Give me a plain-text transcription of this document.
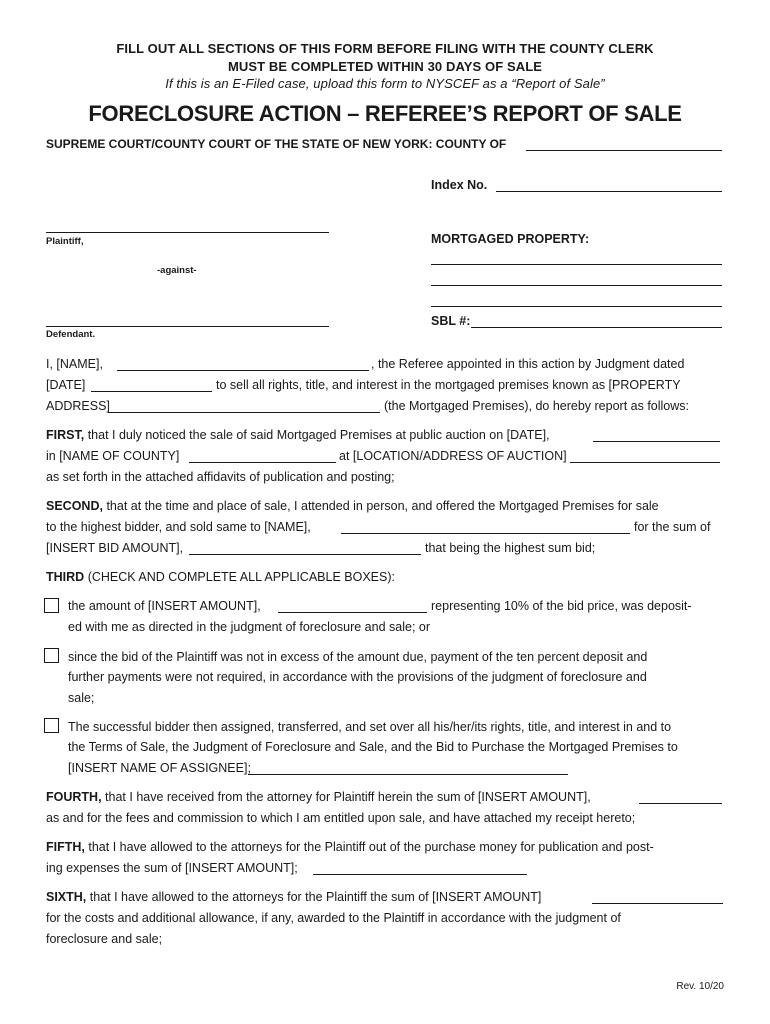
FILL OUT ALL SECTIONS OF THIS FORM BEFORE FILING WITH THE COUNTY CLERK
MUST BE COMPLETED WITHIN 30 DAYS OF SALE
If this is an E-Filed case, upload this form to NYSCEF as a “Report of Sale”
FORECLOSURE ACTION – REFEREE’S REPORT OF SALE
SUPREME COURT/COUNTY COURT OF THE STATE OF NEW YORK: COUNTY OF
Index No.
Plaintiff,	MORTGAGED PROPERTY:
-against-
Defendant.
SBL #:
I, [NAME],	, the Referee appointed in this action by Judgment dated
[DATE]	to sell all rights, title, and interest in the mortgaged premises known as [PROPERTY
ADDRESS]	(the Mortgaged Premises), do hereby report as follows:
FIRST, that I duly noticed the sale of said Mortgaged Premises at public auction on [DATE],
in [NAME OF COUNTY]	at [LOCATION/ADDRESS OF AUCTION]
as set forth in the attached affidavits of publication and posting;
SECOND, that at the time and place of sale, I attended in person, and offered the Mortgaged Premises for sale
to the highest bidder, and sold same to [NAME],	for the sum of
[INSERT BID AMOUNT],	that being the highest sum bid;
THIRD (CHECK AND COMPLETE ALL APPLICABLE BOXES):
the amount of [INSERT AMOUNT],	representing 10% of the bid price, was deposit-
ed with me as directed in the judgment of foreclosure and sale; or
since the bid of the Plaintiff was not in excess of the amount due, payment of the ten percent deposit and
further payments were not required, in accordance with the provisions of the judgment of foreclosure and
sale;
The successful bidder then assigned, transferred, and set over all his/her/its rights, title, and interest in and to
the Terms of Sale, the Judgment of Foreclosure and Sale, and the Bid to Purchase the Mortgaged Premises to
[INSERT NAME OF ASSIGNEE];
FOURTH, that I have received from the attorney for Plaintiff herein the sum of [INSERT AMOUNT],
as and for the fees and commission to which I am entitled upon sale, and have attached my receipt hereto;
FIFTH, that I have allowed to the attorneys for the Plaintiff out of the purchase money for publication and post-
ing expenses the sum of [INSERT AMOUNT];
SIXTH, that I have allowed to the attorneys for the Plaintiff the sum of [INSERT AMOUNT]
for the costs and additional allowance, if any, awarded to the Plaintiff in accordance with the judgment of
foreclosure and sale;
Rev. 10/20
